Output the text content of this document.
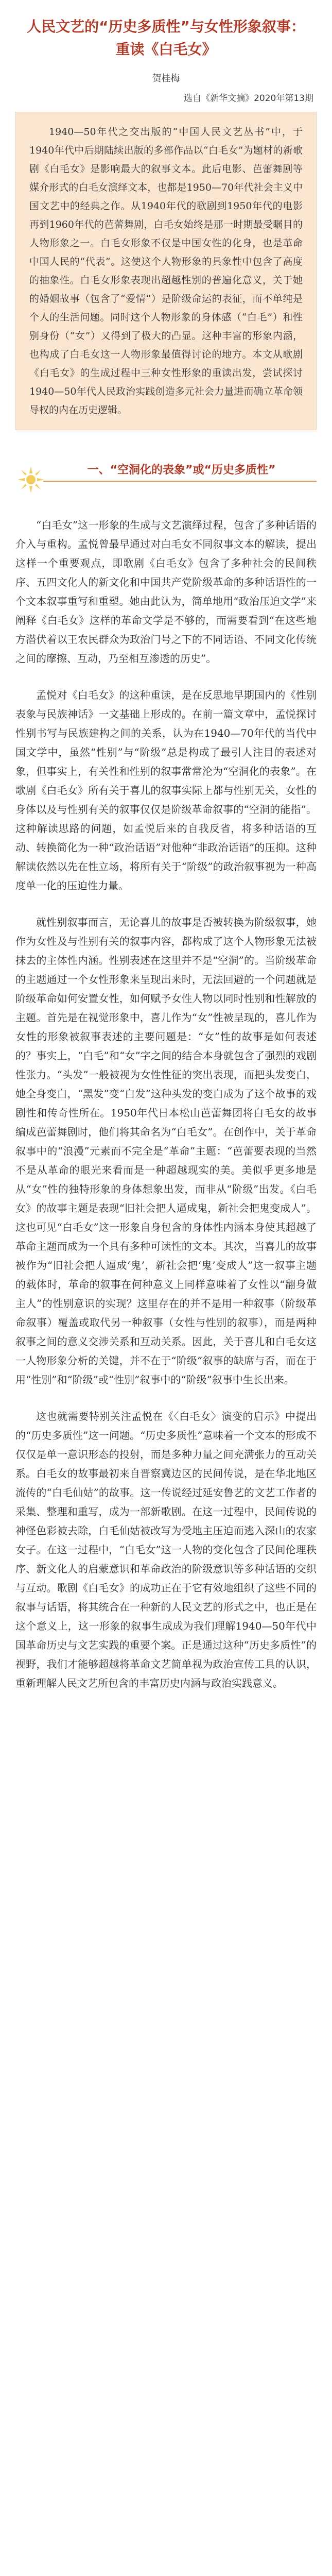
人民文艺的“历史多质性”与女性形象叙事：重读《白毛女》
贺桂梅
选自《新华文摘》2020年第13期
1940—50年代之交出版的“中国人民文艺丛书”中，于1940年代中后期陆续出版的多部作品以“白毛女”为题材的新歌剧《白毛女》是影响最大的叙事文本。此后电影、芭蕾舞剧等媒介形式的白毛女演绎文本，也都是1950—70年代社会主义中国文艺中的经典之作。从1940年代的歌剧到1950年代的电影再到1960年代的芭蕾舞剧，白毛女始终是那一时期最受瞩目的人物形象之一。白毛女形象不仅是中国女性的化身，也是革命中国人民的“代表”。这使这个人物形象的具象性中包含了高度的抽象性。白毛女形象表现出超越性别的普遍化意义，关于她的婚姻故事（包含了“爱情”）是阶级命运的表征，而不单纯是个人的生活问题。同时这个人物形象的身体感（“白毛”）和性别身份（“女”）又得到了极大的凸显。这种丰富的形象内涵，也构成了白毛女这一人物形象最值得讨论的地方。本文从歌剧《白毛女》的生成过程中三种女性形象的重读出发，尝试探讨1940—50年代人民政治实践创造多元社会力量进而确立革命领导权的内在历史逻辑。
一、“空洞化的表象”或“历史多质性”

“白毛女”这一形象的生成与文艺演绎过程，包含了多种话语的介入与重构。孟悦曾最早通过对白毛女不同叙事文本的解读，提出这样一个重要观点，即歌剧《白毛女》包含了多种社会的民间秩序、五四文化人的新文化和中国共产党阶级革命的多种话语性的一个文本叙事重写和重塑。她由此认为，简单地用“政治压迫文学”来阐释《白毛女》这样的革命文学是不够的，而需要看到“在这些地方潜伏着以王农民群众为政治门号之下的不同话语、不同文化传统之间的摩擦、互动，乃至相互渗透的历史”。

孟悦对《白毛女》的这种重读，是在反思地早期国内的《性别表象与民族神话》一文基础上形成的。在前一篇文章中，孟悦探讨性别书写与民族建构之间的关系，认为在1940—70年代的当代中国文学中，虽然“性别”与“阶级”总是构成了最引人注目的表述对象，但事实上，有关性和性别的叙事常常沦为“空洞化的表象”。在歌剧《白毛女》所有关于喜儿的叙事实际上都与性别无关，女性的身体以及与性别有关的叙事仅仅是阶级革命叙事的“空洞的能指”。这种解读思路的问题，如孟悦后来的自我反省，将多种话语的互动、转换简化为一种“政治话语”对他种“非政治话语”的压抑。这种解读依然以先在性立场，将所有关于“阶级”的政治叙事视为一种高度单一化的压迫性力量。

就性别叙事而言，无论喜儿的故事是否被转换为阶级叙事，她作为女性及与性别有关的叙事内容，都构成了这个人物形象无法被抹去的主体性内涵。性别表述在这里并不是“空洞”的。当阶级革命的主题通过一个女性形象来呈现出来时，无法回避的一个问题就是阶级革命如何安置女性，如何赋予女性人物以同时性别和性解放的主题。首先是在视觉形象中，喜儿作为“女”性被呈现的，喜儿作为女性的形象被叙事表述的主要问题是：“女”性的故事是如何表述的？事实上，“白毛”和“女”字之间的结合本身就包含了强烈的戏剧性张力。“头发”一般被视为女性性征的突出表现，而把头发变白，她全身变白，“黑发”变“白发”这种头发的变白成为了这个故事的戏剧性和传奇性所在。1950年代日本松山芭蕾舞团将白毛女的故事编成芭蕾舞剧时，他们将其命名为“白毛女”。在创作中，关于革命叙事中的“浪漫”元素而不完全是“革命”主题：“芭蕾要表现的当然不是从革命的眼光来看而是一种超越现实的美。美似乎更多地是从“女”性的独特形象的身体想象出发，而非从“阶级”出发。《白毛女》的故事主题是表现“旧社会把人逼成鬼，新社会把鬼变成人”。这也可见“白毛女”这一形象自身包含的身体性内涵本身使其超越了革命主题而成为一个具有多种可读性的文本。其次，当喜儿的故事被作为“旧社会把人逼成‘鬼’，新社会把‘鬼’变成人”这一叙事主题的载体时，革命的叙事在何种意义上同样意味着了女性以“翻身做主人”的性别意识的实现？这里存在的并不是用一种叙事（阶级革命叙事）覆盖或取代另一种叙事（女性与性别的叙事），而是两种叙事之间的意义交涉关系和互动关系。因此，关于喜儿和白毛女这一人物形象分析的关键，并不在于“阶级”叙事的缺席与否，而在于用“性别”和“阶级”或“性别”叙事中的“阶级”叙事中生长出来。

这也就需要特别关注孟悦在《〈白毛女〉演变的启示》中提出的“历史多质性”这一问题。“历史多质性”意味着一个文本的形成不仅仅是单一意识形态的投射，而是多种力量之间充满张力的互动关系。白毛女的故事最初来自晋察冀边区的民间传说，是在华北地区流传的“白毛仙姑”的故事。这一传说经过延安鲁艺的文艺工作者的采集、整理和重写，成为一部新歌剧。在这一过程中，民间传说的神怪色彩被去除，白毛仙姑被改写为受地主压迫而逃入深山的农家女子。在这一过程中，“白毛女”这一人物的变化包含了民间伦理秩序、新文化人的启蒙意识和革命政治的阶级意识等多种话语的交织与互动。歌剧《白毛女》的成功正在于它有效地组织了这些不同的叙事与话语，将其统合在一种新的人民文艺的形式之中，也正是在这个意义上，这一形象的叙事生成成为我们理解1940—50年代中国革命历史与文艺实践的重要个案。正是通过这种“历史多质性”的视野，我们才能够超越将革命文艺简单视为政治宣传工具的认识，重新理解人民文艺所包含的丰富历史内涵与政治实践意义。
